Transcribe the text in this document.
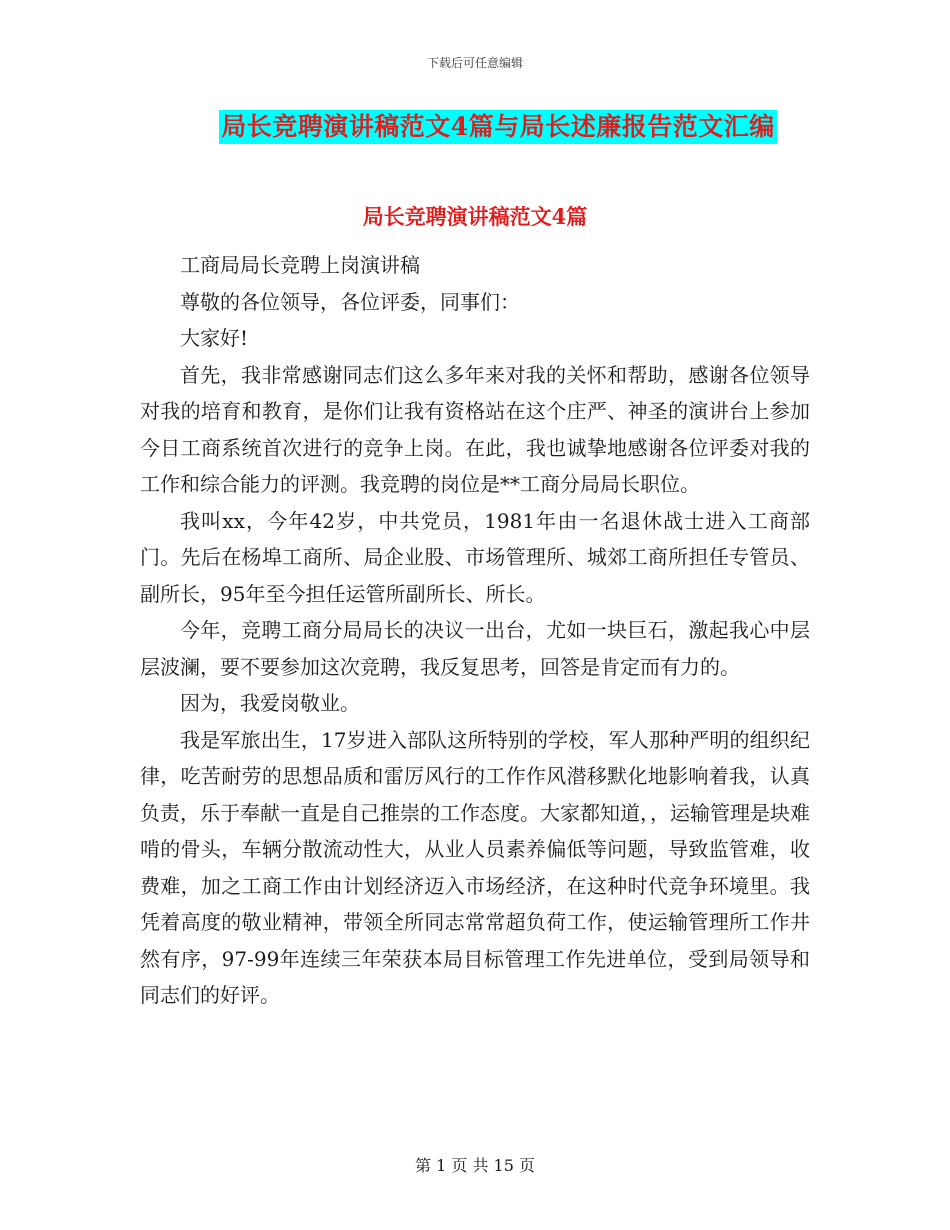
下载后可任意编辑
局长竞聘演讲稿范文4篇与局长述廉报告范文汇编
局长竞聘演讲稿范文4篇

工商局局长竞聘上岗演讲稿

尊敬的各位领导，各位评委，同事们：

大家好!

首先，我非常感谢同志们这么多年来对我的关怀和帮助，感谢各位领导对我的培育和教育，是你们让我有资格站在这个庄严、神圣的演讲台上参加今日工商系统首次进行的竞争上岗。在此，我也诚挚地感谢各位评委对我的工作和综合能力的评测。我竞聘的岗位是**工商分局局长职位。

我叫xx，今年42岁，中共党员，1981年由一名退休战士进入工商部门。先后在杨埠工商所、局企业股、市场管理所、城郊工商所担任专管员、副所长，95年至今担任运管所副所长、所长。

今年，竞聘工商分局局长的决议一出台，尤如一块巨石，激起我心中层层波澜，要不要参加这次竞聘，我反复思考，回答是肯定而有力的。

因为，我爱岗敬业。

我是军旅出生，17岁进入部队这所特别的学校，军人那种严明的组织纪律，吃苦耐劳的思想品质和雷厉风行的工作作风潜移默化地影响着我，认真负责，乐于奉献一直是自己推崇的工作态度。大家都知道，，运输管理是块难啃的骨头，车辆分散流动性大，从业人员素养偏低等问题，导致监管难，收费难，加之工商工作由计划经济迈入市场经济，在这种时代竞争环境里。我凭着高度的敬业精神，带领全所同志常常超负荷工作，使运输管理所工作井然有序，97-99年连续三年荣获本局目标管理工作先进单位，受到局领导和同志们的好评。

第 1 页 共 15 页
